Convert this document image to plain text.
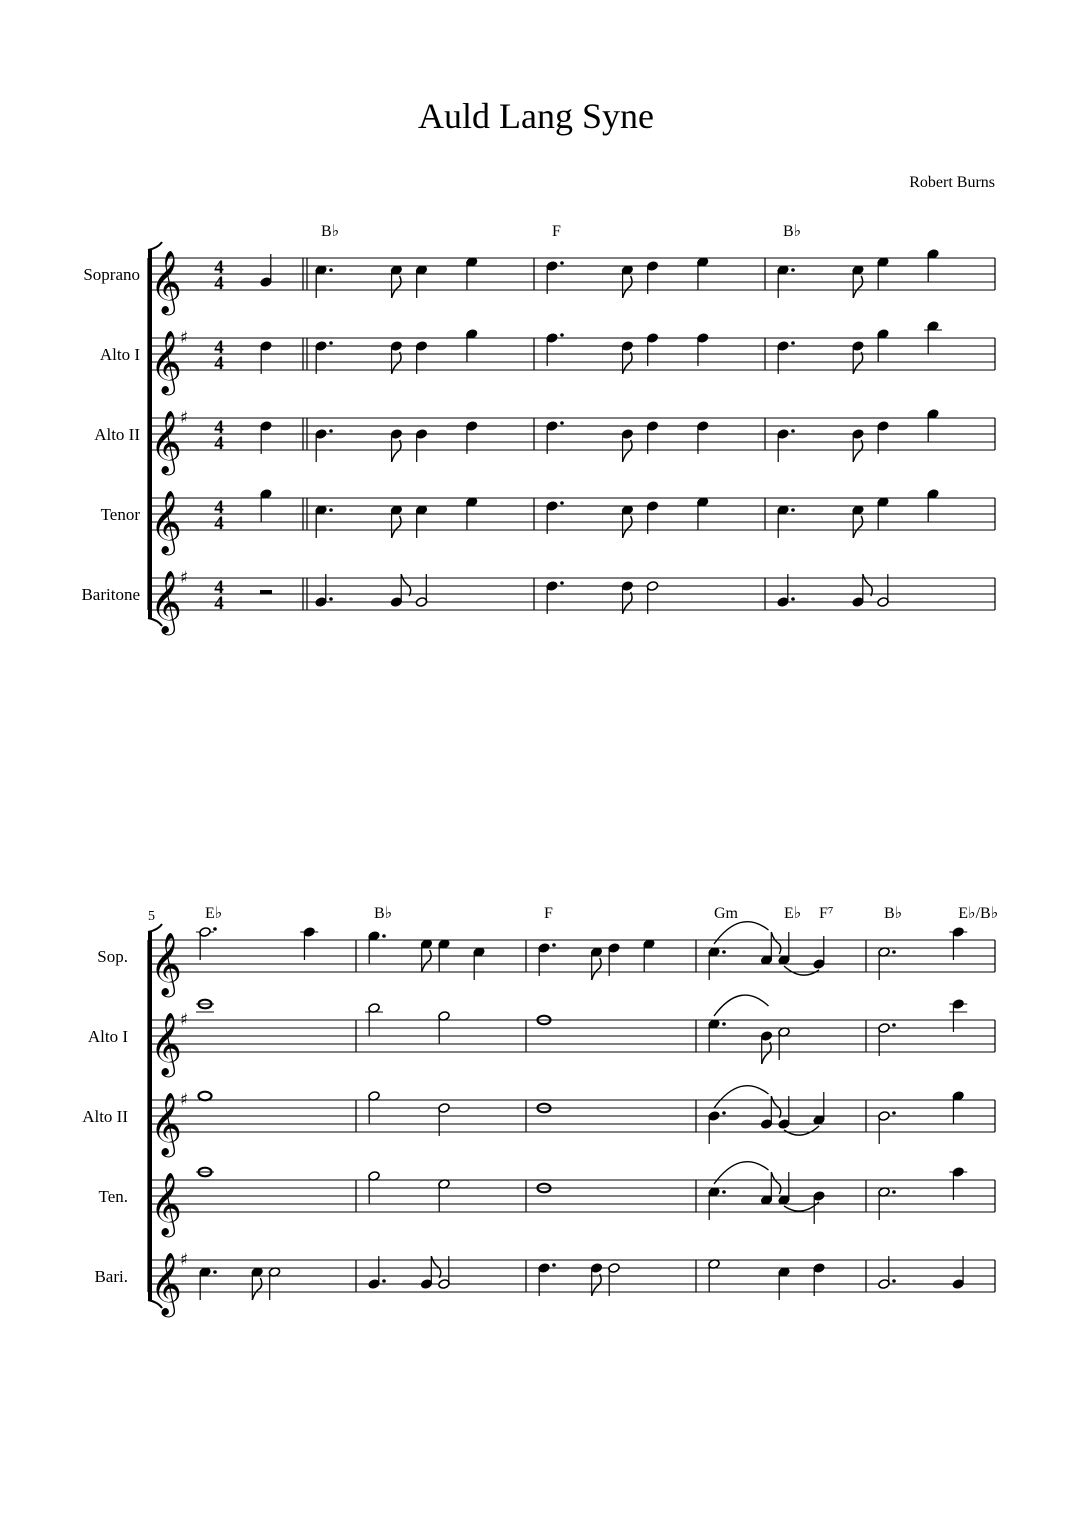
Auld Lang Syne
Robert Burns
B♭	F	B♭
Soprano 𝄞 4
4
Alto I 𝄞
♯ 4
4
Alto II 𝄞
♯ 4
4
Tenor 𝄞 4
4
Baritone 𝄞
♯ 4
4
5	E♭	B♭	F	Gm	E♭ F⁷	B♭	E♭/B♭
Sop. 𝄞
Alto I 𝄞
♯
Alto II 𝄞
♯
Ten. 𝄞
Bari. 𝄞
♯
